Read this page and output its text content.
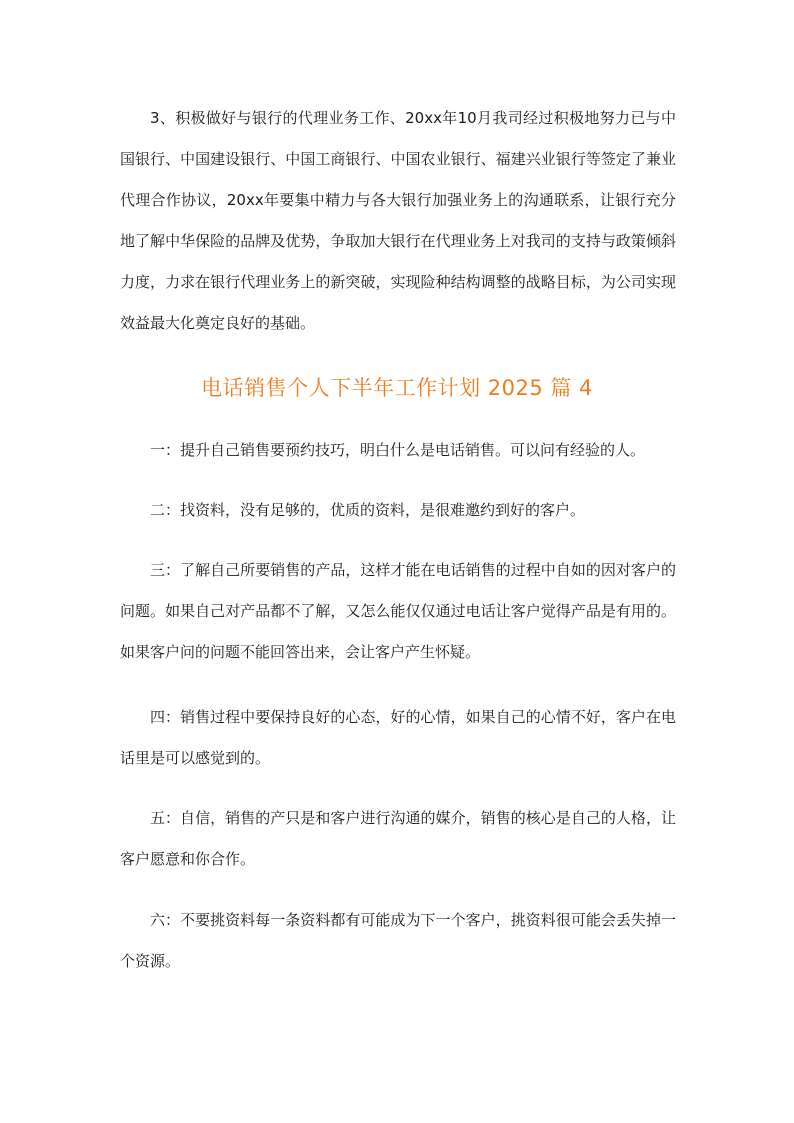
3、积极做好与银行的代理业务工作、20xx年10月我司经过积极地努力已与中国银行、中国建设银行、中国工商银行、中国农业银行、福建兴业银行等签定了兼业代理合作协议，20xx年要集中精力与各大银行加强业务上的沟通联系，让银行充分地了解中华保险的品牌及优势，争取加大银行在代理业务上对我司的支持与政策倾斜力度，力求在银行代理业务上的新突破，实现险种结构调整的战略目标，为公司实现效益最大化奠定良好的基础。

电话销售个人下半年工作计划 2025 篇 4

一：提升自己销售要预约技巧，明白什么是电话销售。可以问有经验的人。

二：找资料，没有足够的，优质的资料，是很难邀约到好的客户。

三：了解自己所要销售的产品，这样才能在电话销售的过程中自如的因对客户的问题。如果自己对产品都不了解，又怎么能仅仅通过电话让客户觉得产品是有用的。如果客户问的问题不能回答出来，会让客户产生怀疑。

四：销售过程中要保持良好的心态，好的心情，如果自己的心情不好，客户在电话里是可以感觉到的。

五：自信，销售的产只是和客户进行沟通的媒介，销售的核心是自己的人格，让客户愿意和你合作。

六：不要挑资料每一条资料都有可能成为下一个客户，挑资料很可能会丢失掉一个资源。
